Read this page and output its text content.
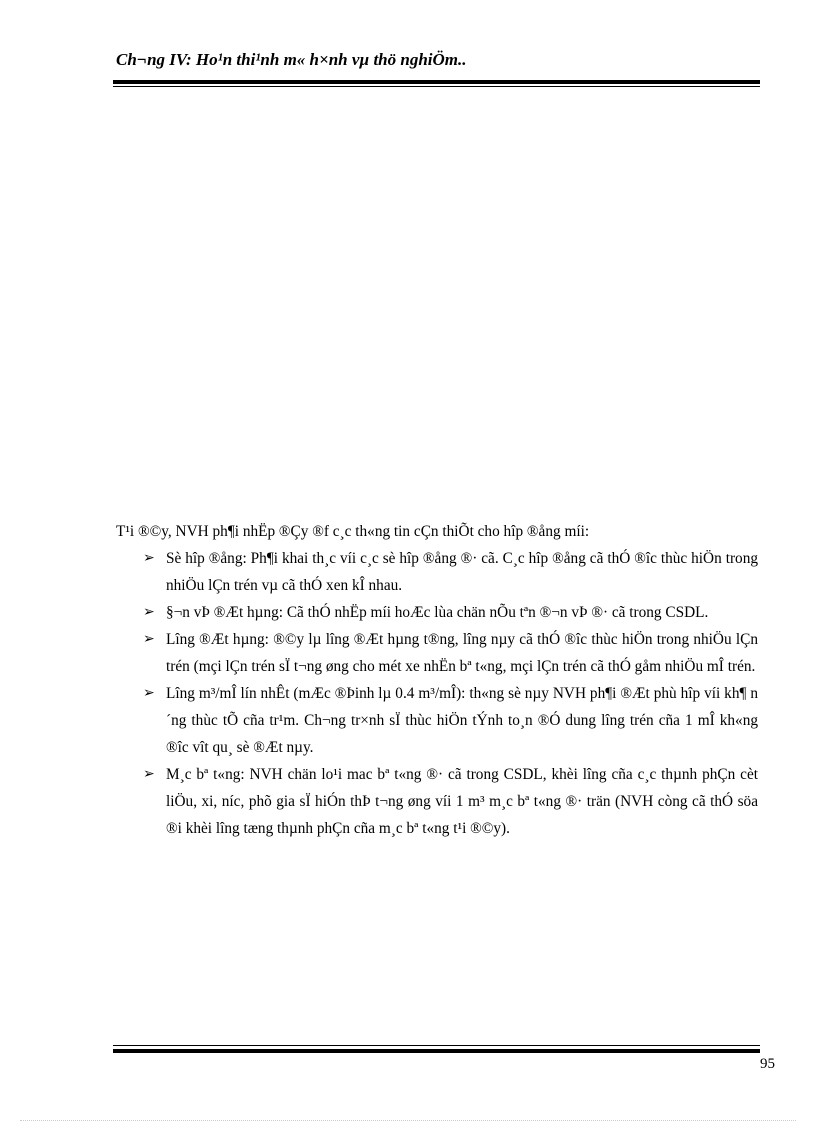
Ch¬ng IV: Ho¹n thi¹nh m« h×nh vµ thö nghiÖm..

T¹i ®©y, NVH ph¶i nhËp ®Çy ®f c¸c th«ng tin cÇn thiÕt cho hîp ®ång míi:

➢ Sè hîp ®ång: Ph¶i khai th¸c víi c¸c sè hîp ®ång ®· cã. C¸c hîp ®ång cã thÓ ®îc thùc hiÖn trong nhiÖu lÇn trén vµ cã thÓ xen kÎ nhau.
➢ §¬n vÞ ®Æt hµng: Cã thÓ nhËp míi hoÆc lùa chän nÕu tªn ®¬n vÞ ®· cã trong CSDL.
➢ Lîng ®Æt hµng: ®©y lµ lîng ®Æt hµng t®ng, lîng nµy cã thÓ ®îc thùc hiÖn trong nhiÖu lÇn trén (mçi lÇn trén sÏ t¬ng øng cho mét xe nhËn bª t«ng, mçi lÇn trén cã thÓ gåm nhiÖu mÎ trén.
➢ Lîng m³/mÎ lín nhÊt (mÆc ®Þinh lµ 0.4 m³/mÎ): th«ng sè nµy NVH ph¶i ®Æt phù hîp víi kh¶ n´ng thùc tÕ cña tr¹m. Ch¬ng tr×nh sÏ thùc hiÖn tÝnh to¸n ®Ó dung lîng trén cña 1 mÎ kh«ng ®îc vît qu¸ sè ®Æt nµy.
➢ M¸c bª t«ng: NVH chän lo¹i mac bª t«ng ®· cã trong CSDL, khèi lîng cña c¸c thµnh phÇn cèt liÖu, xi, níc, phõ gia sÏ hiÓn thÞ t¬ng øng víi 1 m³ m¸c bª t«ng ®· trän (NVH còng cã thÓ söa ®i khèi lîng tæng thµnh phÇn cña m¸c bª t«ng t¹i ®©y).
95
